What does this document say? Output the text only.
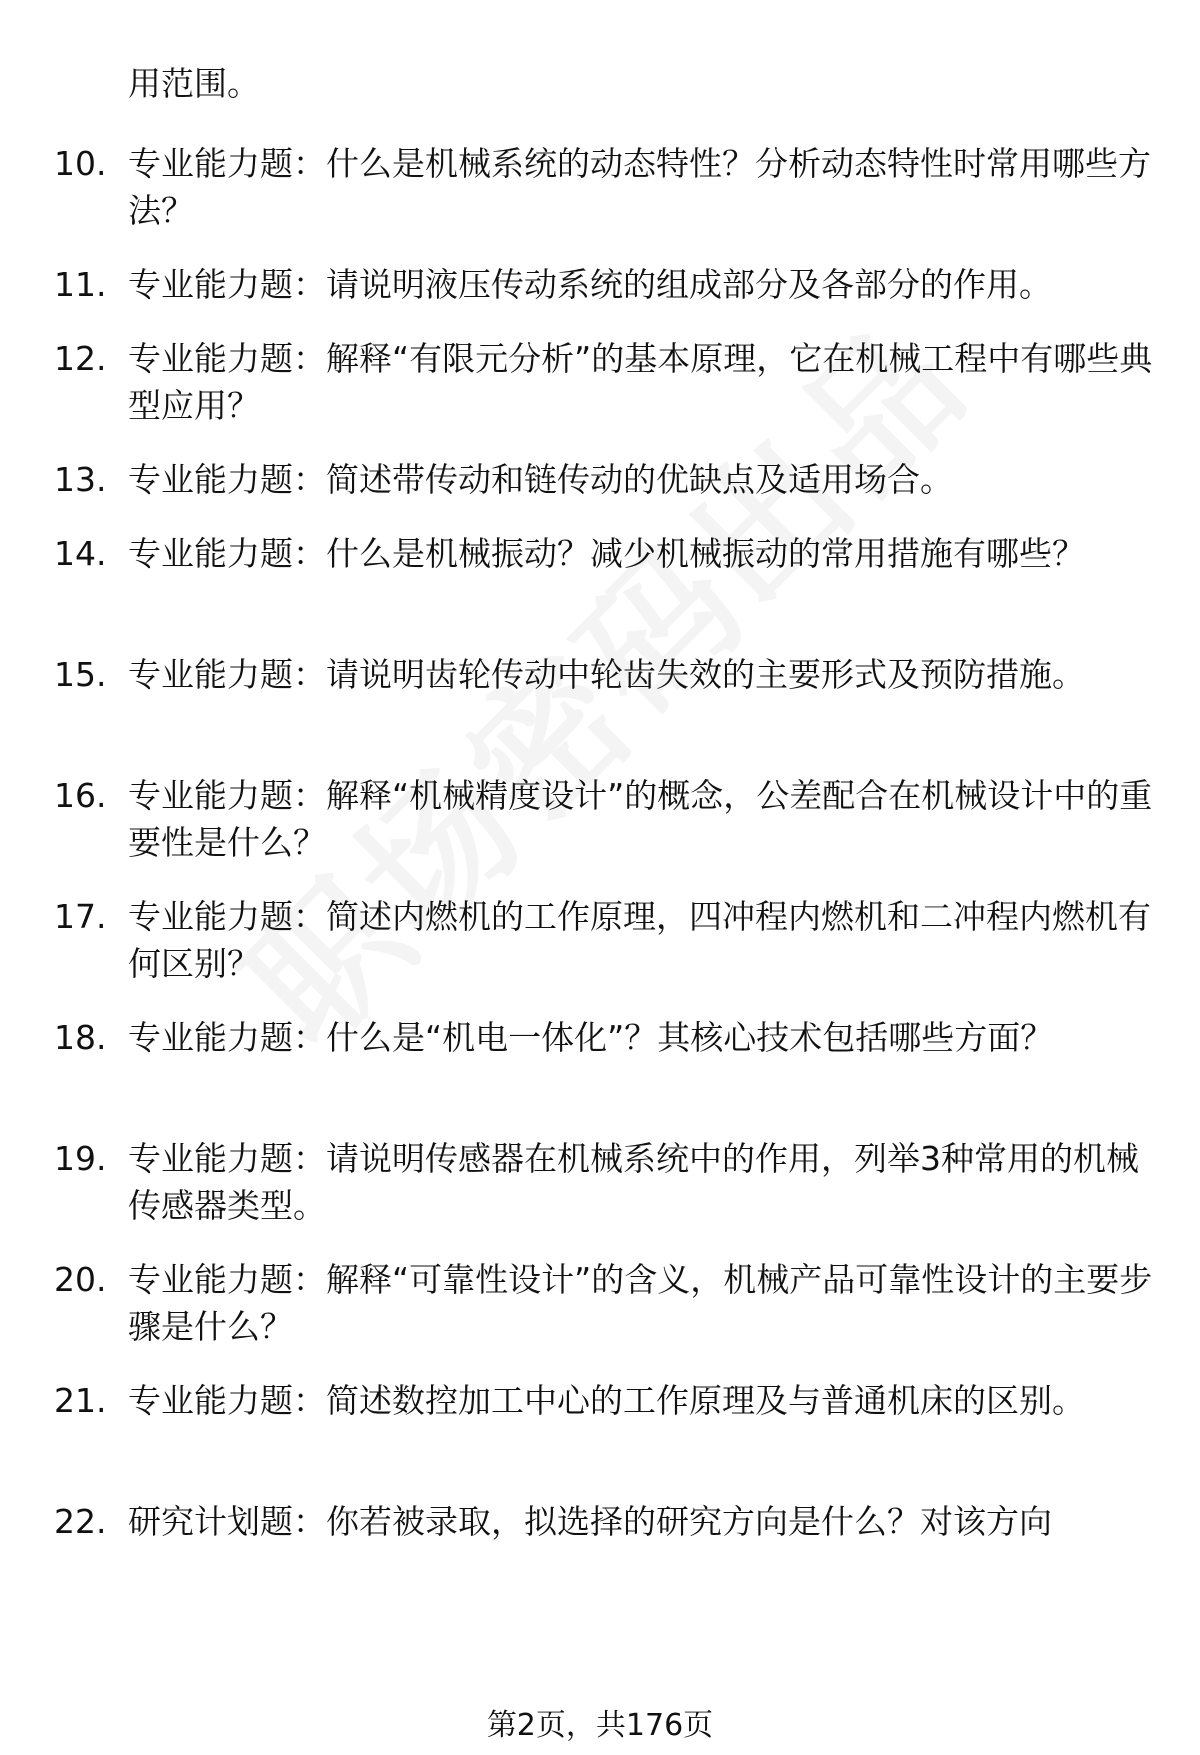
用范围。
10. 专业能力题：什么是机械系统的动态特性？分析动态特性时常用哪些方法？
11. 专业能力题：请说明液压传动系统的组成部分及各部分的作用。
12. 专业能力题：解释“有限元分析”的基本原理，它在机械工程中有哪些典型应用？
13. 专业能力题：简述带传动和链传动的优缺点及适用场合。
14. 专业能力题：什么是机械振动？减少机械振动的常用措施有哪些？
15. 专业能力题：请说明齿轮传动中轮齿失效的主要形式及预防措施。
16. 专业能力题：解释“机械精度设计”的概念，公差配合在机械设计中的重要性是什么？
17. 专业能力题：简述内燃机的工作原理，四冲程内燃机和二冲程内燃机有何区别？
18. 专业能力题：什么是“机电一体化”？其核心技术包括哪些方面？
19. 专业能力题：请说明传感器在机械系统中的作用，列举3种常用的机械传感器类型。
20. 专业能力题：解释“可靠性设计”的含义，机械产品可靠性设计的主要步骤是什么？
21. 专业能力题：简述数控加工中心的工作原理及与普通机床的区别。
22. 研究计划题：你若被录取，拟选择的研究方向是什么？对该方向
第2页，共176页
